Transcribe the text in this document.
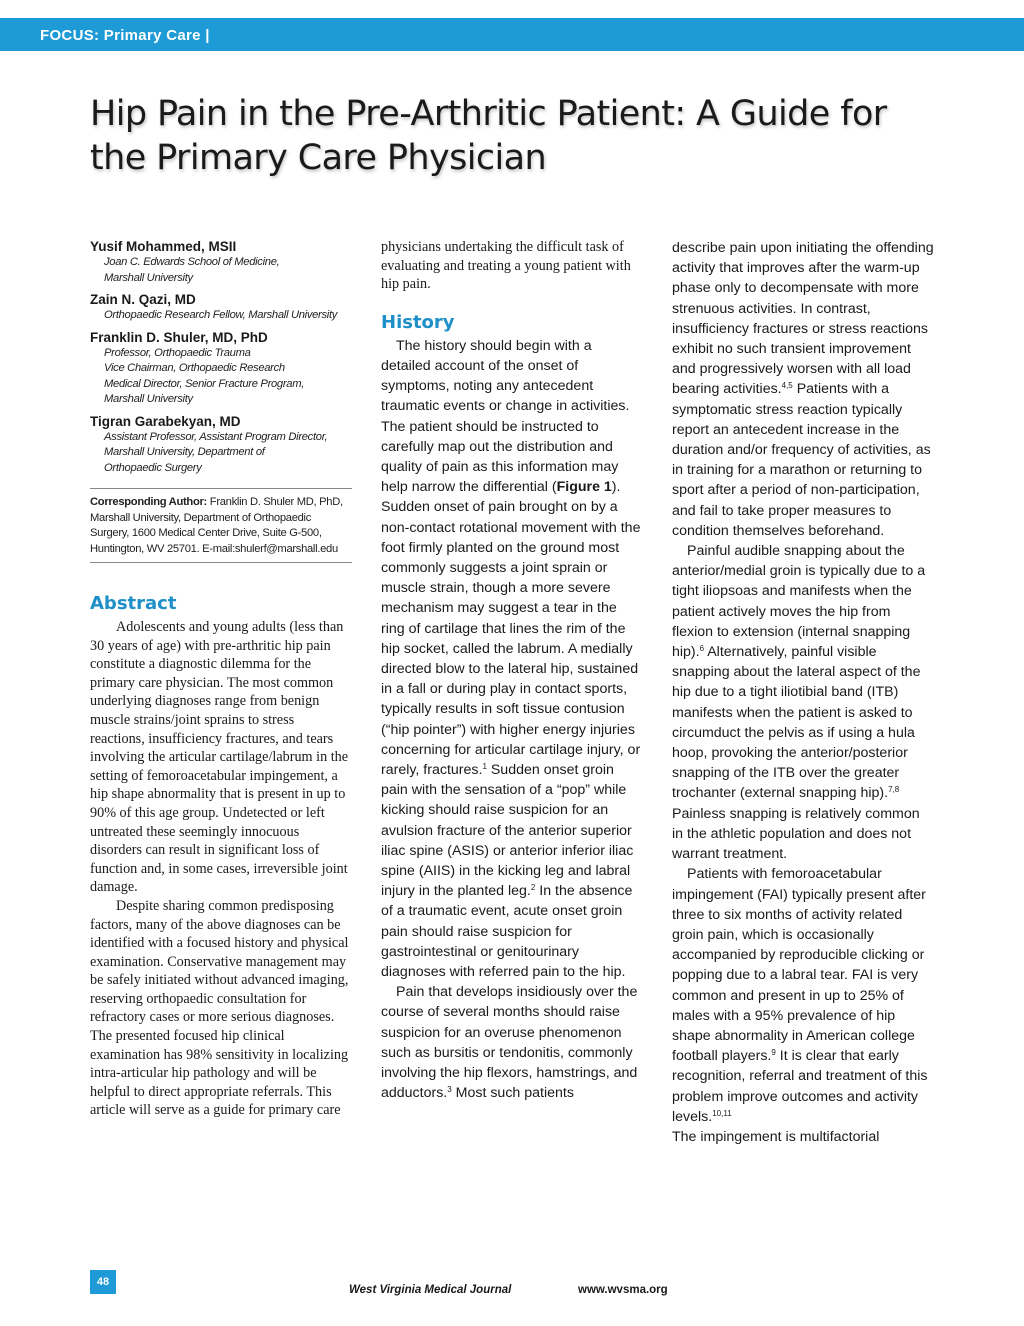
FOCUS: Primary Care |
Hip Pain in the Pre-Arthritic Patient: A Guide for the Primary Care Physician
Yusif Mohammed, MSII
Joan C. Edwards School of Medicine,
Marshall University
Zain N. Qazi, MD
Orthopaedic Research Fellow, Marshall University
Franklin D. Shuler, MD, PhD
Professor, Orthopaedic Trauma
Vice Chairman, Orthopaedic Research
Medical Director, Senior Fracture Program,
Marshall University
Tigran Garabekyan, MD
Assistant Professor, Assistant Program Director,
Marshall University, Department of
Orthopaedic Surgery
Corresponding Author: Franklin D. Shuler MD, PhD, Marshall University, Department of Orthopaedic Surgery, 1600 Medical Center Drive, Suite G-500, Huntington, WV 25701. E-mail:shulerf@marshall.edu
Abstract

Adolescents and young adults (less than 30 years of age) with pre-arthritic hip pain constitute a diagnostic dilemma for the primary care physician. The most common underlying diagnoses range from benign muscle strains/joint sprains to stress reactions, insufficiency fractures, and tears involving the articular cartilage/labrum in the setting of femoroacetabular impingement, a hip shape abnormality that is present in up to 90% of this age group. Undetected or left untreated these seemingly innocuous disorders can result in significant loss of function and, in some cases, irreversible joint damage.

Despite sharing common predisposing factors, many of the above diagnoses can be identified with a focused history and physical examination. Conservative management may be safely initiated without advanced imaging, reserving orthopaedic consultation for refractory cases or more serious diagnoses. The presented focused hip clinical examination has 98% sensitivity in localizing intra-articular hip pathology and will be helpful to direct appropriate referrals. This article will serve as a guide for primary care

physicians undertaking the difficult task of evaluating and treating a young patient with hip pain.

History

The history should begin with a detailed account of the onset of symptoms, noting any antecedent traumatic events or change in activities. The patient should be instructed to carefully map out the distribution and quality of pain as this information may help narrow the differential (Figure 1). Sudden onset of pain brought on by a non-contact rotational movement with the foot firmly planted on the ground most commonly suggests a joint sprain or muscle strain, though a more severe mechanism may suggest a tear in the ring of cartilage that lines the rim of the hip socket, called the labrum. A medially directed blow to the lateral hip, sustained in a fall or during play in contact sports, typically results in soft tissue contusion (“hip pointer”) with higher energy injuries concerning for articular cartilage injury, or rarely, fractures.$^1$ Sudden onset groin pain with the sensation of a “pop” while kicking should raise suspicion for an avulsion fracture of the anterior superior iliac spine (ASIS) or anterior inferior iliac spine (AIIS) in the kicking leg and labral injury in the planted leg.$^2$ In the absence of a traumatic event, acute onset groin pain should raise suspicion for gastrointestinal or genitourinary diagnoses with referred pain to the hip.

Pain that develops insidiously over the course of several months should raise suspicion for an overuse phenomenon such as bursitis or tendonitis, commonly involving the hip flexors, hamstrings, and adductors.$^3$ Most such patients

describe pain upon initiating the offending activity that improves after the warm-up phase only to decompensate with more strenuous activities. In contrast, insufficiency fractures or stress reactions exhibit no such transient improvement and progressively worsen with all load bearing activities.$^{4,5}$ Patients with a symptomatic stress reaction typically report an antecedent increase in the duration and/or frequency of activities, as in training for a marathon or returning to sport after a period of non-participation, and fail to take proper measures to condition themselves beforehand.

Painful audible snapping about the anterior/medial groin is typically due to a tight iliopsoas and manifests when the patient actively moves the hip from flexion to extension (internal snapping hip).$^6$ Alternatively, painful visible snapping about the lateral aspect of the hip due to a tight iliotibial band (ITB) manifests when the patient is asked to circumduct the pelvis as if using a hula hoop, provoking the anterior/posterior snapping of the ITB over the greater trochanter (external snapping hip).$^{7,8}$ Painless snapping is relatively common in the athletic population and does not warrant treatment.

Patients with femoroacetabular impingement (FAI) typically present after three to six months of activity related groin pain, which is occasionally accompanied by reproducible clicking or popping due to a labral tear. FAI is very common and present in up to 25% of males with a 95% prevalence of hip shape abnormality in American college football players.$^9$ It is clear that early recognition, referral and treatment of this problem improve outcomes and activity levels.$^{10,11}$

The impingement is multifactorial

48
West Virginia Medical Journal	www.wvsma.org
